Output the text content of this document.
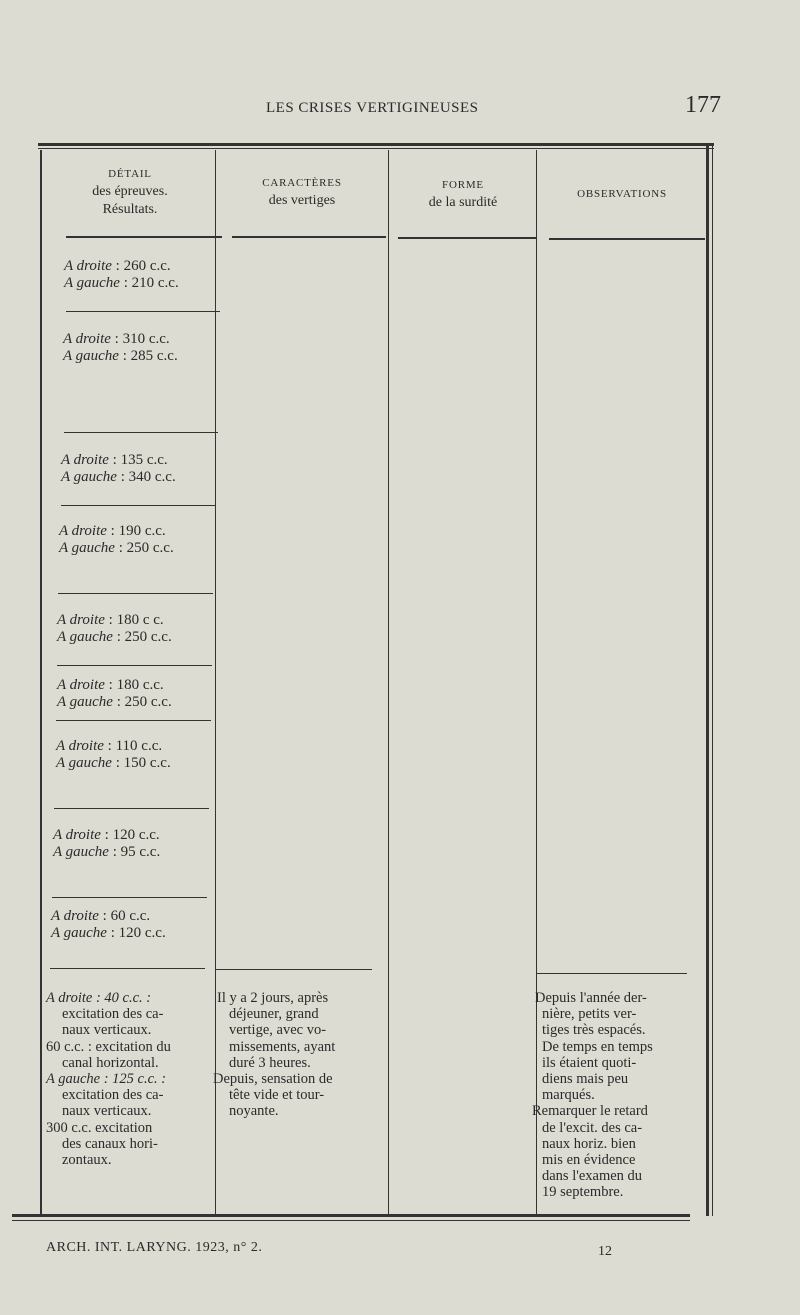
LES CRISES VERTIGINEUSES	177
DÉTAIL
des épreuves.
Résultats.
CARACTÈRES
des vertiges
FORME
de la surdité
OBSERVATIONS
A droite : 260 c.c.
A gauche : 210 c.c.
A droite : 310 c.c.
A gauche : 285 c.c.
A droite : 135 c.c.
A gauche : 340 c.c.
A droite : 190 c.c.
A gauche : 250 c.c.
A droite : 180 c c.
A gauche : 250 c.c.
A droite : 180 c.c.
A gauche : 250 c.c.
A droite : 110 c.c.
A gauche : 150 c.c.
A droite : 120 c.c.
A gauche : 95 c.c.
A droite : 60 c.c.
A gauche : 120 c.c.

A droite : 40 c.c. :

excitation des ca-

naux verticaux.

60 c.c. : excitation du

canal horizontal.

A gauche : 125 c.c. :

excitation des ca-

naux verticaux.

300 c.c. excitation

des canaux hori-

zontaux.

Il y a 2 jours, après

déjeuner, grand

vertige, avec vo-

missements, ayant

duré 3 heures.

Depuis, sensation de

tête vide et tour-

noyante.

Depuis l'année der-

nière, petits ver-

tiges très espacés.

De temps en temps

ils étaient quoti-

diens mais peu

marqués.

Remarquer le retard

de l'excit. des ca-

naux horiz. bien

mis en évidence

dans l'examen du

19 septembre.

ARCH. INT. LARYNG. 1923, n° 2.	12
